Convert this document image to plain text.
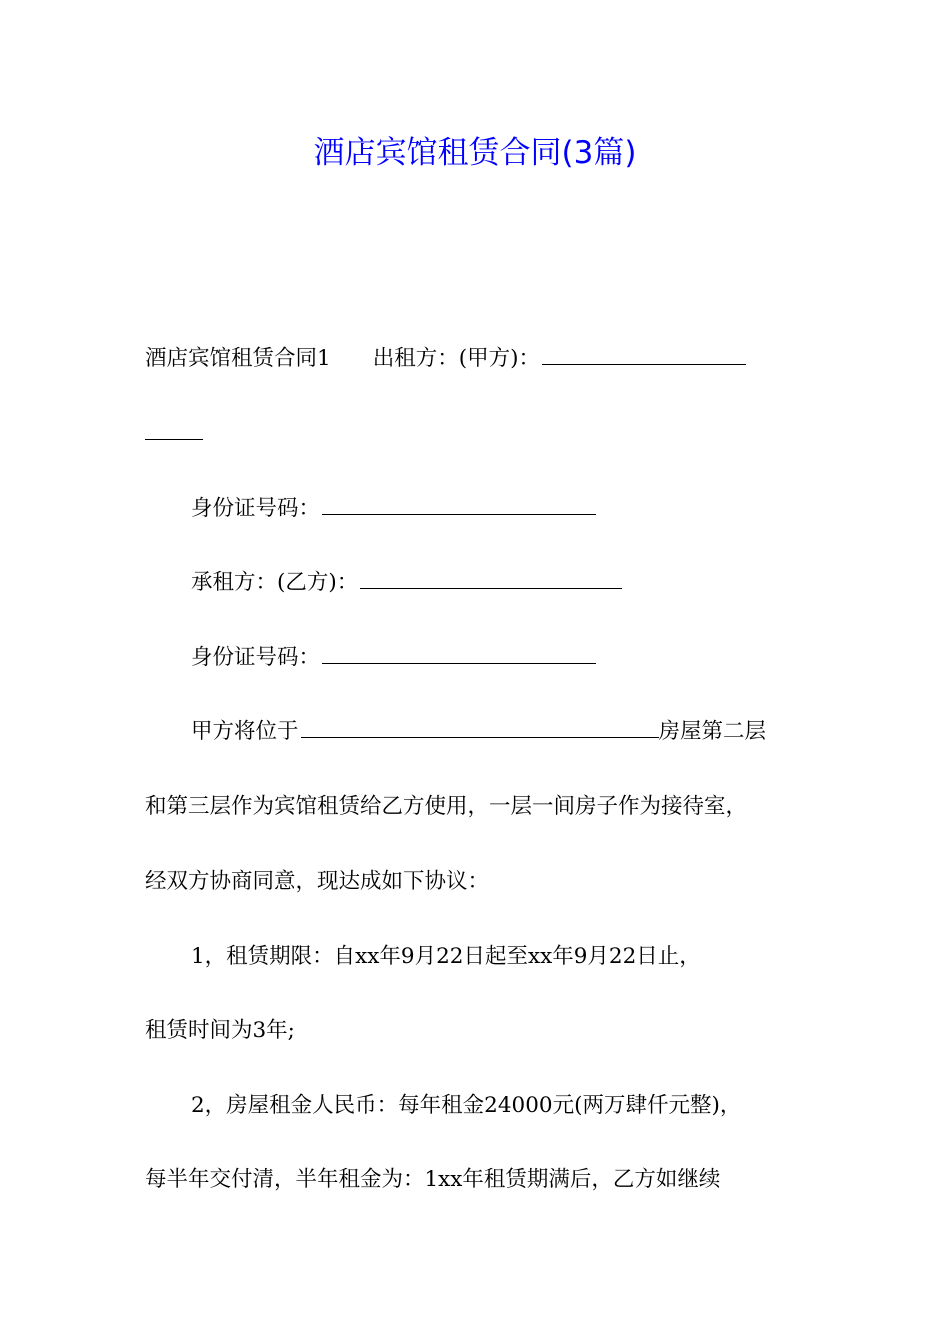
酒店宾馆租赁合同(3篇)
酒店宾馆租赁合同1 出租方：(甲方)：
身份证号码：
承租方：(乙方)：
身份证号码：
甲方将位于	房屋第二层
和第三层作为宾馆租赁给乙方使用，一层一间房子作为接待室，
经双方协商同意，现达成如下协议：
1，租赁期限：自xx年9月22日起至xx年9月22日止，
租赁时间为3年;
2，房屋租金人民币：每年租金24000元(两万肆仟元整)，
每半年交付清，半年租金为：1xx年租赁期满后，乙方如继续
